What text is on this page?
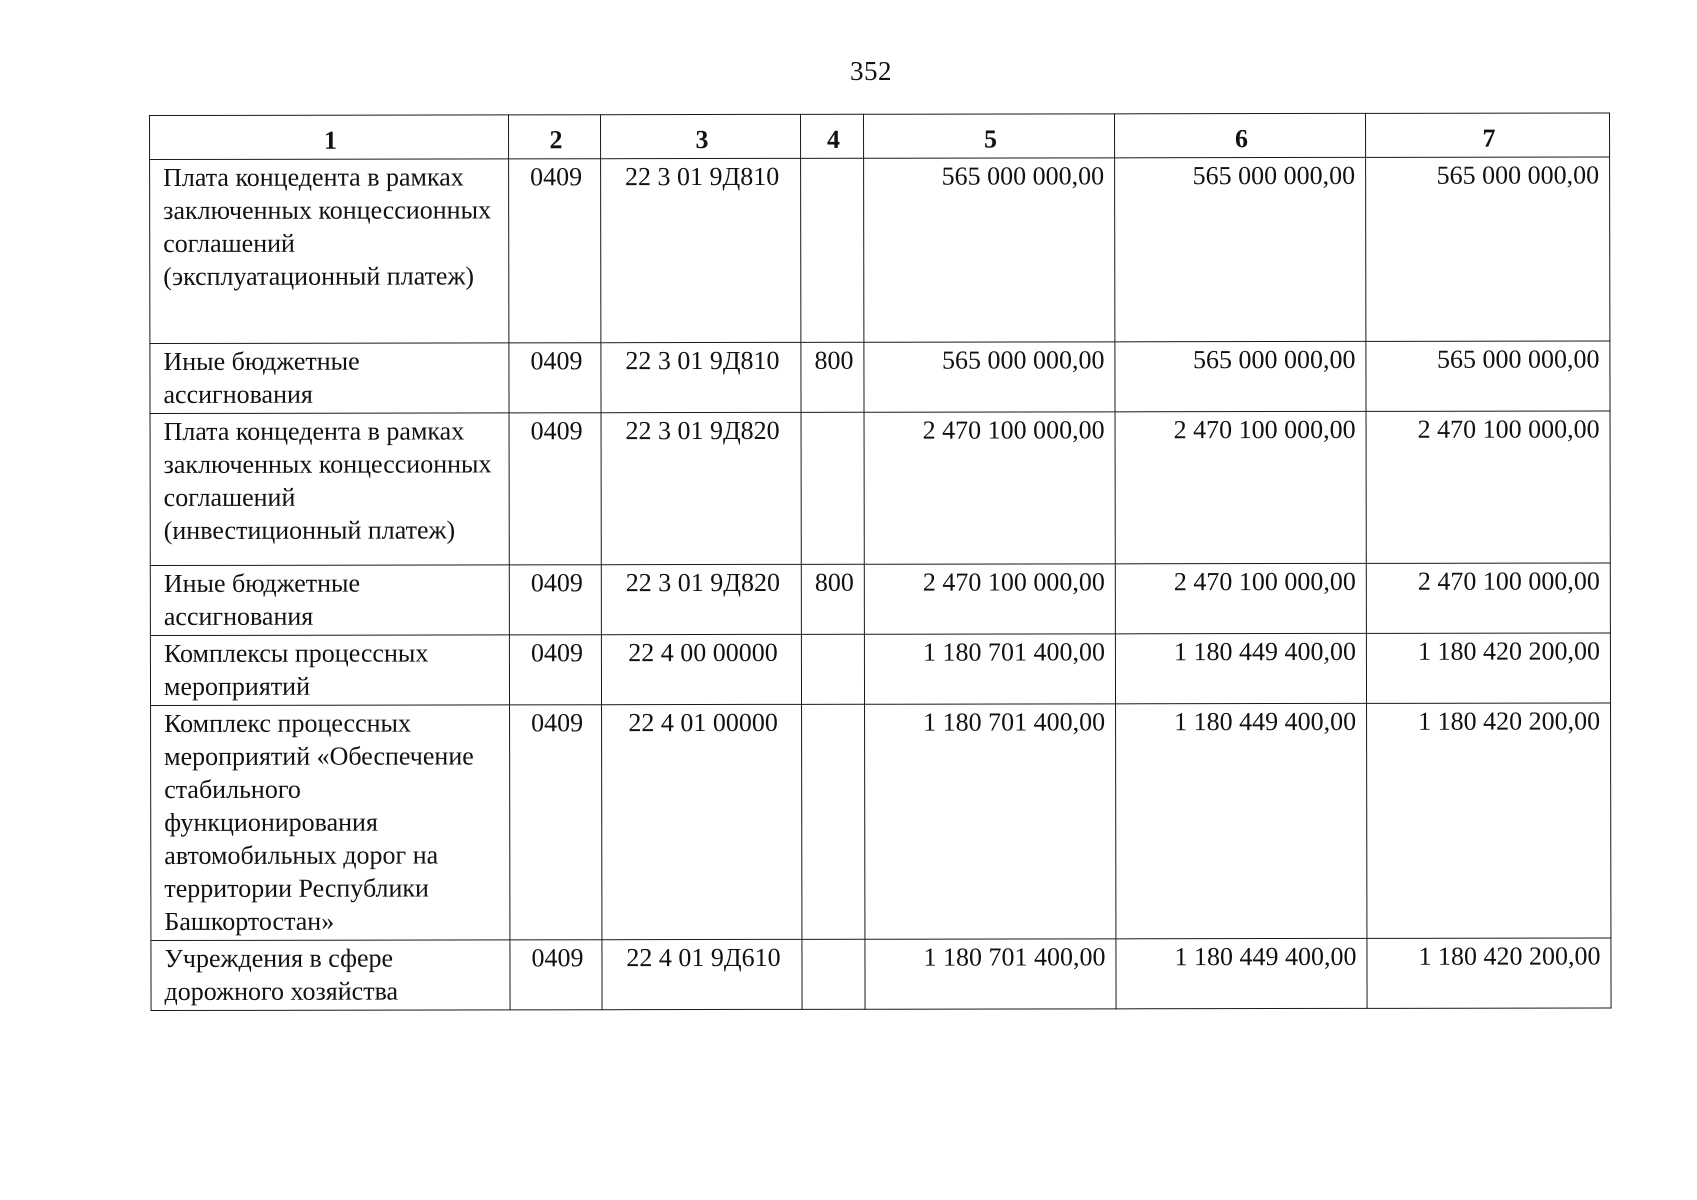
352
1	2	3	4	5	6	7
Плата концедента в рамках заключенных концессионных соглашений (эксплуатационный платеж)	0409	22 3 01 9Д810		565 000 000,00	565 000 000,00	565 000 000,00
Иные бюджетные ассигнования	0409	22 3 01 9Д810	800	565 000 000,00	565 000 000,00	565 000 000,00
Плата концедента в рамках заключенных концессионных соглашений (инвестиционный платеж)	0409	22 3 01 9Д820		2 470 100 000,00	2 470 100 000,00	2 470 100 000,00
Иные бюджетные ассигнования	0409	22 3 01 9Д820	800	2 470 100 000,00	2 470 100 000,00	2 470 100 000,00
Комплексы процессных мероприятий	0409	22 4 00 00000		1 180 701 400,00	1 180 449 400,00	1 180 420 200,00
Комплекс процессных мероприятий «Обеспечение стабильного функционирования автомобильных дорог на территории Республики Башкортостан»	0409	22 4 01 00000		1 180 701 400,00	1 180 449 400,00	1 180 420 200,00
Учреждения в сфере дорожного хозяйства	0409	22 4 01 9Д610		1 180 701 400,00	1 180 449 400,00	1 180 420 200,00
